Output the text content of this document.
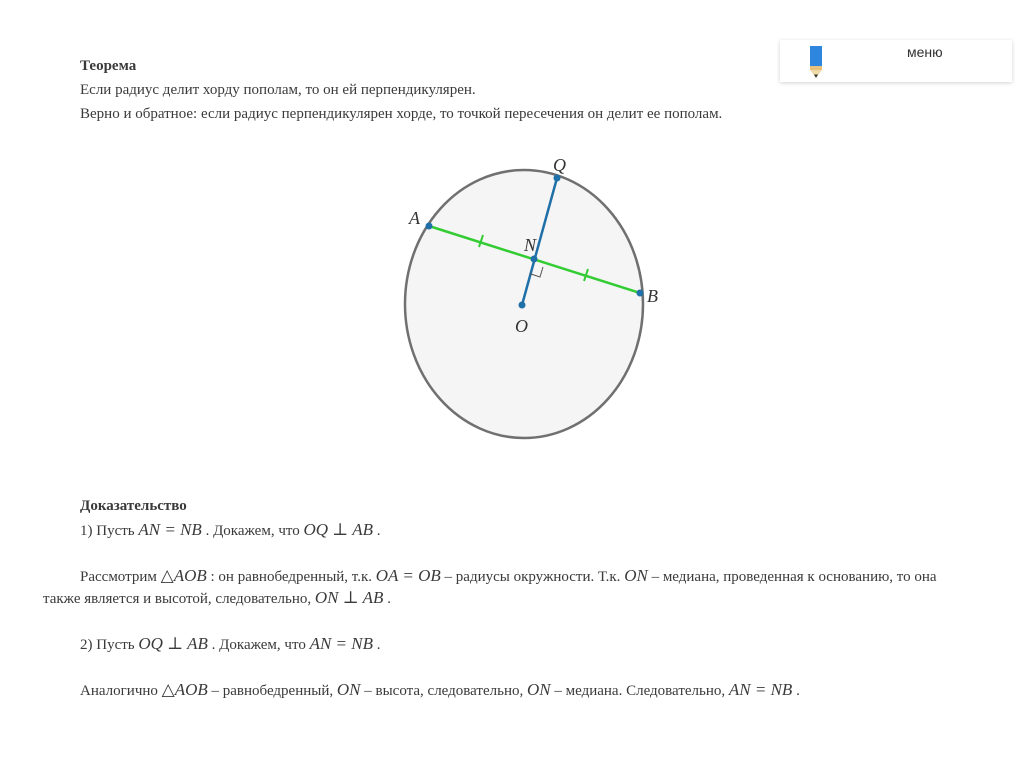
меню
Теорема
Если радиус делит хорду пополам, то он ей перпендикулярен.
Верно и обратное: если радиус перпендикулярен хорде, то точкой пересечения он делит ее пополам.
A
B
N
Q
O
Доказательство
1) Пусть AN = NB . Докажем, что OQ ⊥ AB .
Рассмотрим △AOB : он равнобедренный, т.к. OA = OB – радиусы окружности. Т.к. ON – медиана, проведенная к основанию, то она
также является и высотой, следовательно, ON ⊥ AB .
2) Пусть OQ ⊥ AB . Докажем, что AN = NB .
Аналогично △AOB – равнобедренный, ON – высота, следовательно, ON – медиана. Следовательно, AN = NB .
